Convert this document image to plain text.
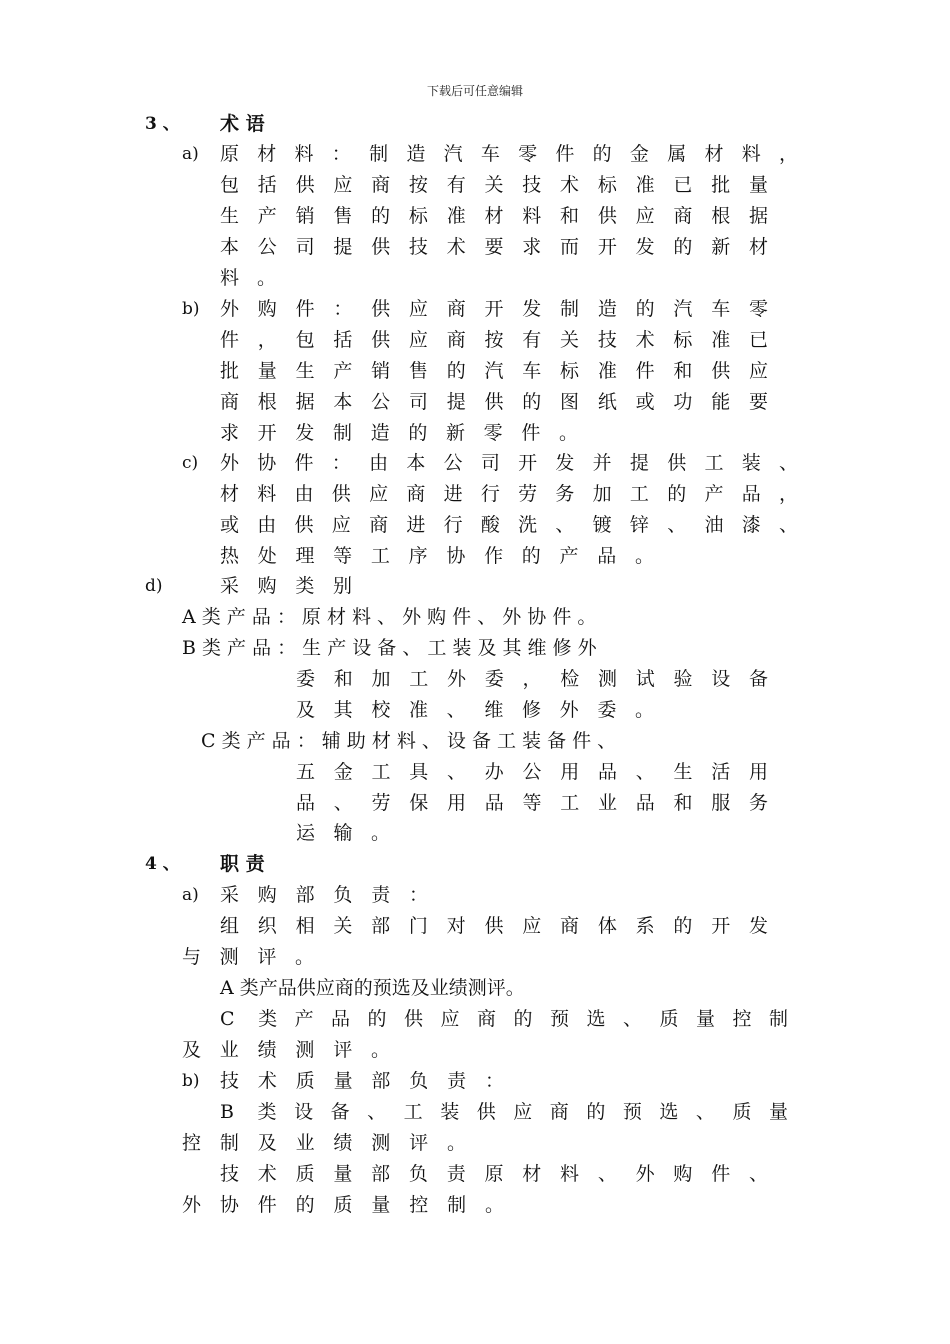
下载后可任意编辑
3 、 术 语
a) 原材料：制造汽车零件的金属材料，
包括供应商按有关技术标准已批量
生产销售的标准材料和供应商根据
本公司提供技术要求而开发的新材
料。
b) 外购件：供应商开发制造的汽车零
件，包括供应商按有关技术标准已
批量生产销售的汽车标准件和供应
商根据本公司提供的图纸或功能要
求开发制造的新零件。
c) 外协件：由本公司开发并提供工装、
材料由供应商进行劳务加工的产品，
或由供应商进行酸洗、镀锌、油漆、
热处理等工序协作的产品。
d)	采购类别
A 类 产 品 ： 原 材 料 、 外 购 件 、 外 协 件 。
B 类 产 品 ： 生 产 设 备 、 工 装 及 其 维 修 外
委和加工外委，检测试验设备
及其校准、维修外委。
C 类 产 品 ： 辅 助 材 料 、 设 备 工 装 备 件 、
五金工具、办公用品、生活用
品、劳保用品等工业品和服务
运输。
4 、 职 责
a) 采购部负责：
组织相关部门对供应商体系的开发
与测评。
A 类产品供应商的预选及业绩测评。
C 类产品的供应商的预选、质量控制
及业绩测评。
b) 技术质量部负责：
B 类设备、工装供应商的预选、质量
控制及业绩测评。
技术质量部负责原材料、外购件、
外协件的质量控制。
